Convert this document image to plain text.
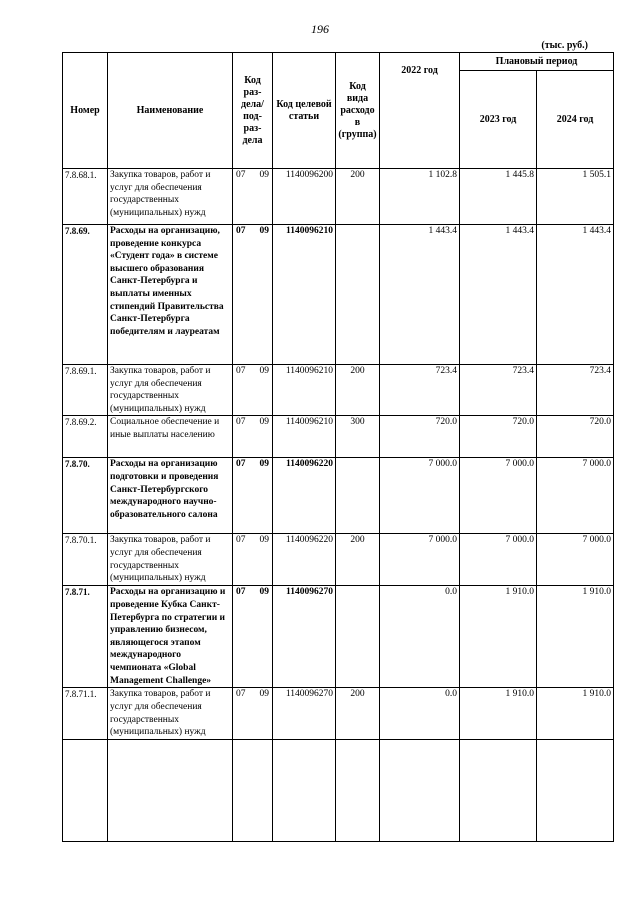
196
(тыс. руб.)
Номер	Наименование	Код раз- дела/ под- раз- дела	Код целевой статьи	Код вида расходов (группа)	2022 год	Плановый период	
						2023 год	2024 год
7.8.68.1.	Закупка товаров, работ и услуг для обеспечения государственных (муниципальных) нужд	07 09	1140096200	200	1 102.8	1 445.8	1 505.1
7.8.69.	Расходы на организацию, проведение конкурса «Студент года» в системе высшего образования Санкт-Петербурга и выплаты именных стипендий Правительства Санкт-Петербурга победителям и лауреатам	07 09	1140096210		1 443.4	1 443.4	1 443.4
7.8.69.1.	Закупка товаров, работ и услуг для обеспечения государственных (муниципальных) нужд	07 09	1140096210	200	723.4	723.4	723.4
7.8.69.2.	Социальное обеспечение и иные выплаты населению	07 09	1140096210	300	720.0	720.0	720.0
7.8.70.	Расходы на организацию подготовки и проведения Санкт-Петербургского международного научно-образовательного салона	07 09	1140096220		7 000.0	7 000.0	7 000.0
7.8.70.1.	Закупка товаров, работ и услуг для обеспечения государственных (муниципальных) нужд	07 09	1140096220	200	7 000.0	7 000.0	7 000.0
7.8.71.	Расходы на организацию и проведение Кубка Санкт-Петербурга по стратегии и управлению бизнесом, являющегося этапом международного чемпионата «Global Management Challenge»	07 09	1140096270		0.0	1 910.0	1 910.0
7.8.71.1.	Закупка товаров, работ и услуг для обеспечения государственных (муниципальных) нужд	07 09	1140096270	200	0.0	1 910.0	1 910.0
